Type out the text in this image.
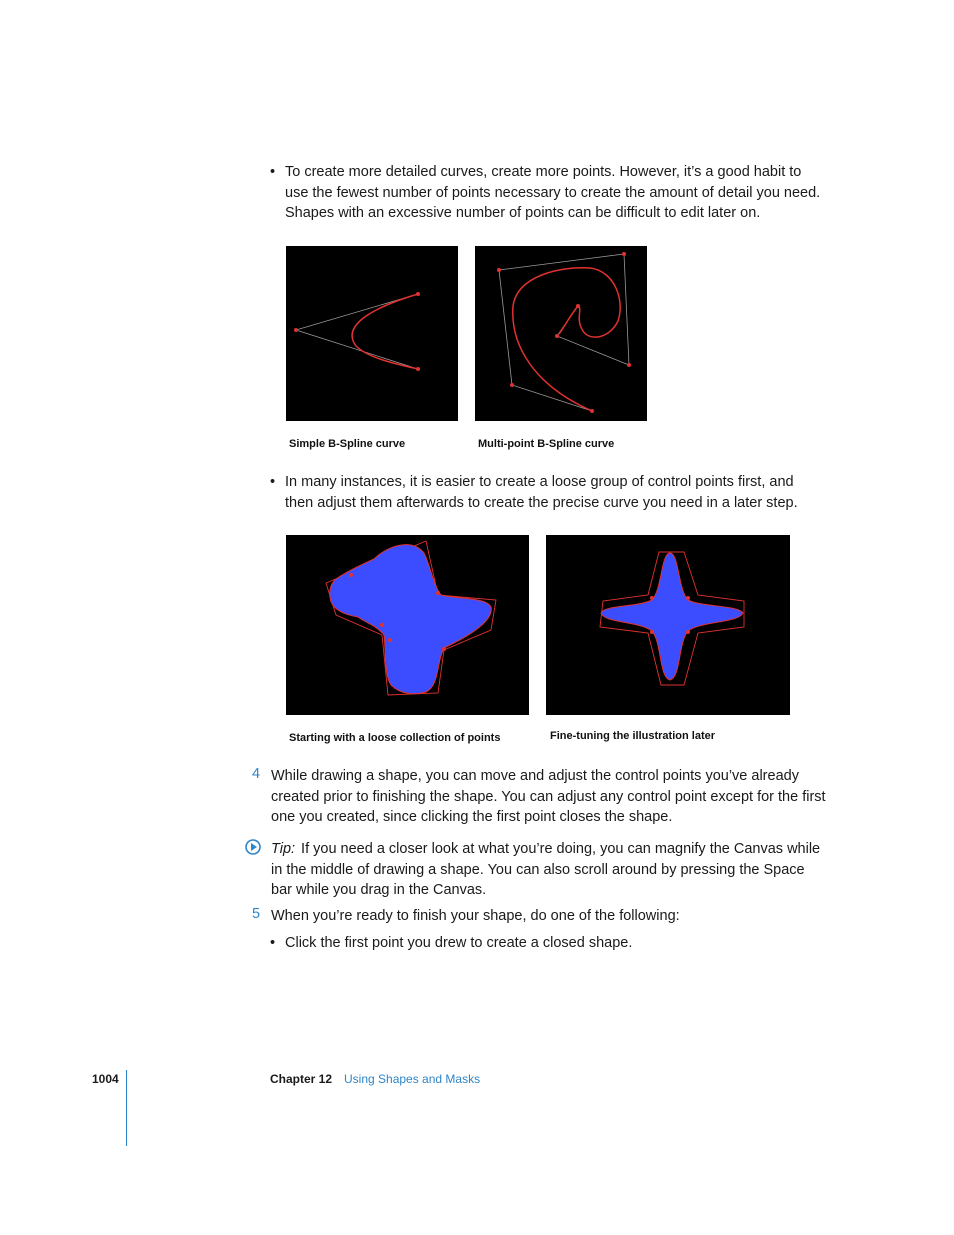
• To create more detailed curves, create more points. However, it’s a good habit to use the fewest number of points necessary to create the amount of detail you need. Shapes with an excessive number of points can be difficult to edit later on.
Simple B-Spline curve	Multi-point B-Spline curve
• In many instances, it is easier to create a loose group of control points first, and then adjust them afterwards to create the precise curve you need in a later step.
Starting with a loose collection of points	Fine-tuning the illustration later
4 While drawing a shape, you can move and adjust the control points you’ve already created prior to finishing the shape. You can adjust any control point except for the first one you created, since clicking the first point closes the shape.
Tip: If you need a closer look at what you’re doing, you can magnify the Canvas while in the middle of drawing a shape. You can also scroll around by pressing the Space bar while you drag in the Canvas.
5 When you’re ready to finish your shape, do one of the following:
• Click the first point you drew to create a closed shape.
1004	Chapter 12 Using Shapes and Masks
